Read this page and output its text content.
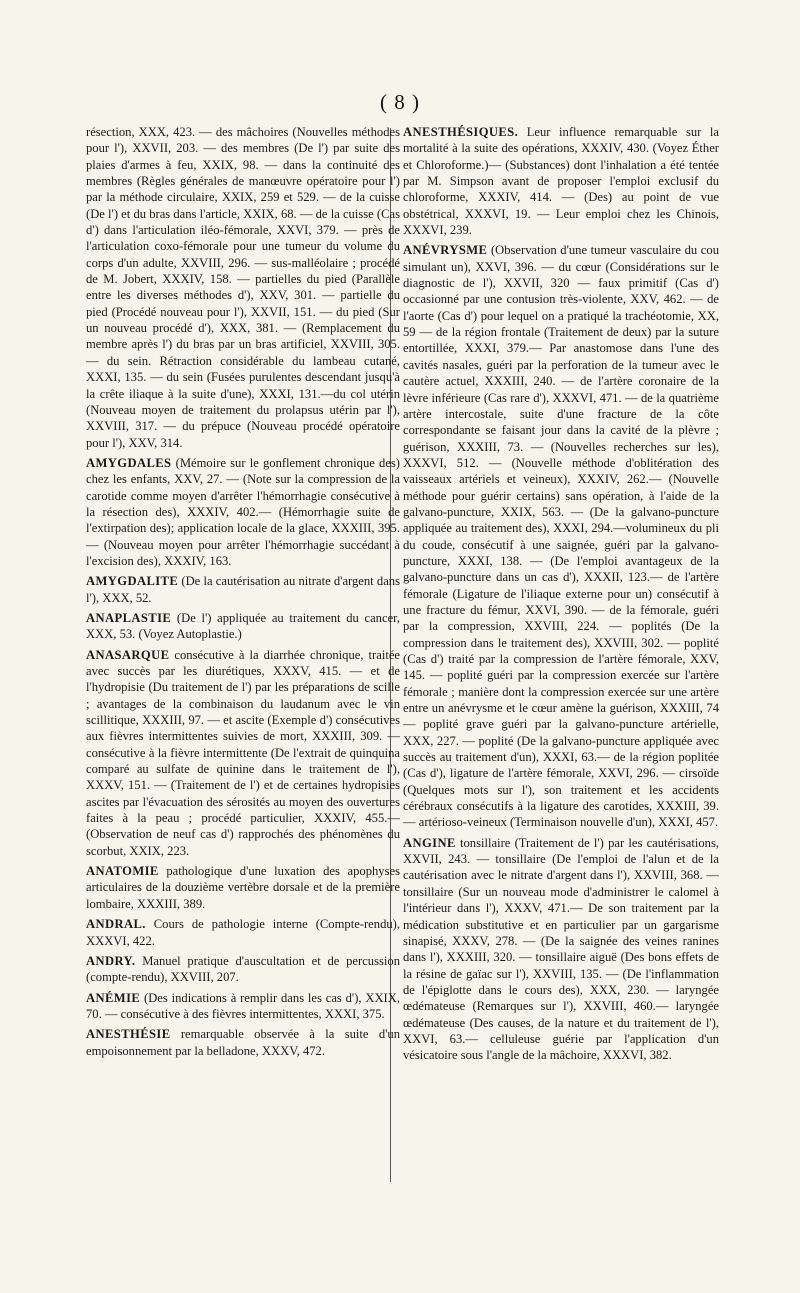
( 8 )

résection, XXX, 423. — des mâchoires (Nouvelles méthodes pour l'), XXVII, 203. — des membres (De l') par suite des plaies d'armes à feu, XXIX, 98. — dans la continuité des membres (Règles générales de manœuvre opératoire pour l') par la méthode circulaire, XXIX, 259 et 529. — de la cuisse (De l') et du bras dans l'article, XXIX, 68. — de la cuisse (Cas d') dans l'articulation iléo-fémorale, XXVI, 379. — près de l'articulation coxo-fémorale pour une tumeur du volume du corps d'un adulte, XXVIII, 296. — sus-malléolaire ; procédé de M. Jobert, XXXIV, 158. — partielles du pied (Parallèle entre les diverses méthodes d'), XXV, 301. — partielle du pied (Procédé nouveau pour l'), XXVII, 151. — du pied (Sur un nouveau procédé d'), XXX, 381. — (Remplacement du membre après l') du bras par un bras artificiel, XXVIII, 305. — du sein. Rétraction considérable du lambeau cutané, XXXI, 135. — du sein (Fusées purulentes descendant jusqu'à la crête iliaque à la suite d'une), XXXI, 131.—du col utérin (Nouveau moyen de traitement du prolapsus utérin par l'), XXVIII, 317. — du prépuce (Nouveau procédé opératoire pour l'), XXV, 314.

AMYGDALES (Mémoire sur le gonflement chronique des) chez les enfants, XXV, 27. — (Note sur la compression de la carotide comme moyen d'arrêter l'hémorrhagie consécutive à la résection des), XXXIV, 402.— (Hémorrhagie suite de l'extirpation des); application locale de la glace, XXXIII, 395. — (Nouveau moyen pour arrêter l'hémorrhagie succédant à l'excision des), XXXIV, 163.

AMYGDALITE (De la cautérisation au nitrate d'argent dans l'), XXX, 52.

ANAPLASTIE (De l') appliquée au traitement du cancer, XXX, 53. (Voyez Autoplastie.)

ANASARQUE consécutive à la diarrhée chronique, traitée avec succès par les diurétiques, XXXV, 415. — et de l'hydropisie (Du traitement de l') par les préparations de scille ; avantages de la combinaison du laudanum avec le vin scillitique, XXXIII, 97. — et ascite (Exemple d') consécutives aux fièvres intermittentes suivies de mort, XXXIII, 309. — consécutive à la fièvre intermittente (De l'extrait de quinquina comparé au sulfate de quinine dans le traitement de l'), XXXV, 151. — (Traitement de l') et de certaines hydropisies ascites par l'évacuation des sérosités au moyen des ouvertures faites à la peau ; procédé particulier, XXXIV, 455.—(Observation de neuf cas d') rapprochés des phénomènes du scorbut, XXIX, 223.

ANATOMIE pathologique d'une luxation des apophyses articulaires de la douzième vertèbre dorsale et de la première lombaire, XXXIII, 389.

ANDRAL. Cours de pathologie interne (Compte-rendu), XXXVI, 422.

ANDRY. Manuel pratique d'auscultation et de percussion (compte-rendu), XXVIII, 207.

ANÉMIE (Des indications à remplir dans les cas d'), XXIX, 70. — consécutive à des fièvres intermittentes, XXXI, 375.

ANESTHÉSIE remarquable observée à la suite d'un empoisonnement par la belladone, XXXV, 472.

ANESTHÉSIQUES. Leur influence remarquable sur la mortalité à la suite des opérations, XXXIV, 430. (Voyez Éther et Chloroforme.)— (Substances) dont l'inhalation a été tentée par M. Simpson avant de proposer l'emploi exclusif du chloroforme, XXXIV, 414. — (Des) au point de vue obstétrical, XXXVI, 19. — Leur emploi chez les Chinois, XXXVI, 239.

ANÉVRYSME (Observation d'une tumeur vasculaire du cou simulant un), XXVI, 396. — du cœur (Considérations sur le diagnostic de l'), XXVII, 320 — faux primitif (Cas d') occasionné par une contusion très-violente, XXV, 462. — de l'aorte (Cas d') pour lequel on a pratiqué la trachéotomie, XX, 59 — de la région frontale (Traitement de deux) par la suture entortillée, XXXI, 379.— Par anastomose dans l'une des cavités nasales, guéri par la perforation de la tumeur avec le cautère actuel, XXXIII, 240. — de l'artère coronaire de la lèvre inférieure (Cas rare d'), XXXVI, 471. — de la quatrième artère intercostale, suite d'une fracture de la côte correspondante se faisant jour dans la cavité de la plèvre ; guérison, XXXIII, 73. — (Nouvelles recherches sur les), XXXVI, 512. — (Nouvelle méthode d'oblitération des vaisseaux artériels et veineux), XXXIV, 262.— (Nouvelle méthode pour guérir certains) sans opération, à l'aide de la galvano-puncture, XXIX, 563. — (De la galvano-puncture appliquée au traitement des), XXXI, 294.—volumineux du pli du coude, consécutif à une saignée, guéri par la galvano-puncture, XXXI, 138. — (De l'emploi avantageux de la galvano-puncture dans un cas d'), XXXII, 123.— de l'artère fémorale (Ligature de l'iliaque externe pour un) consécutif à une fracture du fémur, XXVI, 390. — de la fémorale, guéri par la compression, XXVIII, 224. — poplités (De la compression dans le traitement des), XXVIII, 302. — poplité (Cas d') traité par la compression de l'artère fémorale, XXV, 145. — poplité guéri par la compression exercée sur l'artère fémorale ; manière dont la compression exercée sur une artère entre un anévrysme et le cœur amène la guérison, XXXIII, 74 — poplité grave guéri par la galvano-puncture artérielle, XXX, 227. — poplité (De la galvano-puncture appliquée avec succès au traitement d'un), XXXI, 63.— de la région poplitée (Cas d'), ligature de l'artère fémorale, XXVI, 296. — cirsoïde (Quelques mots sur l'), son traitement et les accidents cérébraux consécutifs à la ligature des carotides, XXXIII, 39. — artérioso-veineux (Terminaison nouvelle d'un), XXXI, 457.

ANGINE tonsillaire (Traitement de l') par les cautérisations, XXVII, 243. — tonsillaire (De l'emploi de l'alun et de la cautérisation avec le nitrate d'argent dans l'), XXVIII, 368. — tonsillaire (Sur un nouveau mode d'administrer le calomel à l'intérieur dans l'), XXXV, 471.— De son traitement par la médication substitutive et en particulier par un gargarisme sinapisé, XXXV, 278. — (De la saignée des veines ranines dans l'), XXXIII, 320. — tonsillaire aiguë (Des bons effets de la résine de gaïac sur l'), XXVIII, 135. — (De l'inflammation de l'épiglotte dans le cours des), XXX, 230. — laryngée œdémateuse (Remarques sur l'), XXVIII, 460.— laryngée œdémateuse (Des causes, de la nature et du traitement de l'), XXVI, 63.— celluleuse guérie par l'application d'un vésicatoire sous l'angle de la mâchoire, XXXVI, 382.
